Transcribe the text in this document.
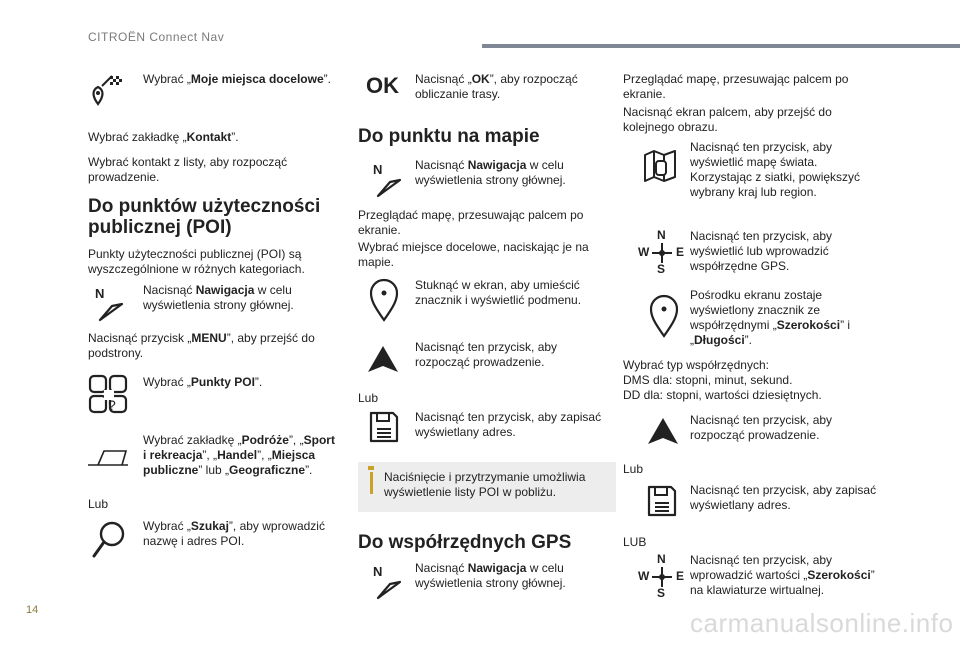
CITROËN Connect Nav

Wybrać „Moje miejsca docelowe”.

Wybrać zakładkę „Kontakt”.

Wybrać kontakt z listy, aby rozpocząć prowadzenie.

Do punktów użyteczności publicznej (POI)

Punkty użyteczności publicznej (POI) są wyszczególnione w różnych kategoriach.

N	Nacisnąć Nawigacja w celu wyświetlenia strony głównej.

Nacisnąć przycisk „MENU”, aby przejść do podstrony.

?

Wybrać „Punkty POI”.

Wybrać zakładkę „Podróże”, „Sport i rekreacja”, „Handel”, „Miejsca publiczne” lub „Geograficzne”.

Lub

Wybrać „Szukaj”, aby wprowadzić nazwę i adres POI.

OK Nacisnąć „OK”, aby rozpocząć obliczanie trasy.

Do punktu na mapie
N	Nacisnąć Nawigacja w celu wyświetlenia strony głównej.

Przeglądać mapę, przesuwając palcem po ekranie.

Wybrać miejsce docelowe, naciskając je na mapie.

Stuknąć w ekran, aby umieścić znacznik i wyświetlić podmenu.

Nacisnąć ten przycisk, aby rozpocząć prowadzenie.

Lub

Nacisnąć ten przycisk, aby zapisać wyświetlany adres.

Naciśnięcie i przytrzymanie umożliwia wyświetlenie listy POI w pobliżu.

Do współrzędnych GPS
N	Nacisnąć Nawigacja w celu wyświetlenia strony głównej.

Przeglądać mapę, przesuwając palcem po ekranie.

Nacisnąć ekran palcem, aby przejść do kolejnego obrazu.

Nacisnąć ten przycisk, aby wyświetlić mapę świata. Korzystając z siatki, powiększyć wybrany kraj lub region.

N
S
W E

Nacisnąć ten przycisk, aby wyświetlić lub wprowadzić współrzędne GPS.

Pośrodku ekranu zostaje wyświetlony znacznik ze współrzędnymi „Szerokości” i „Długości”.

Wybrać typ współrzędnych:

DMS dla: stopni, minut, sekund.

DD dla: stopni, wartości dziesiętnych.

Nacisnąć ten przycisk, aby rozpocząć prowadzenie.

Lub

Nacisnąć ten przycisk, aby zapisać wyświetlany adres.

LUB

N
S
W E

Nacisnąć ten przycisk, aby wprowadzić wartości „Szerokości” na klawiaturze wirtualnej.

14	carmanualsonline.info
